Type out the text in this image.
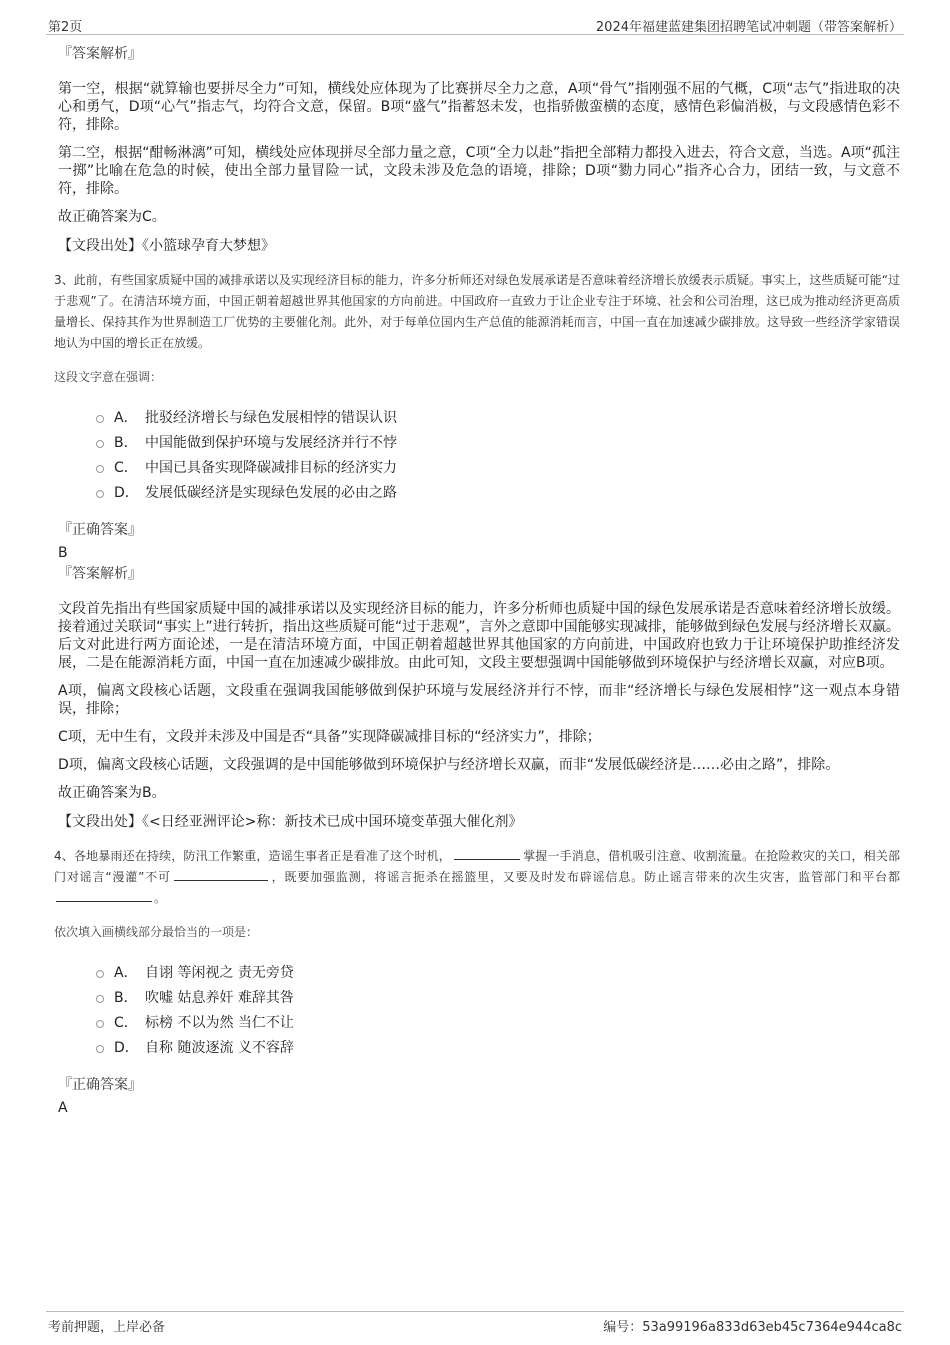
第2页	2024年福建蓝建集团招聘笔试冲刺题（带答案解析）
『答案解析』

第一空，根据“就算输也要拼尽全力”可知，横线处应体现为了比赛拼尽全力之意，A项“骨气”指刚强不屈的气概，C项“志气”指进取的决心和勇气，D项“心气”指志气，均符合文意，保留。B项“盛气”指蓄怒未发，也指骄傲蛮横的态度，感情色彩偏消极，与文段感情色彩不符，排除。

第二空，根据“酣畅淋漓”可知，横线处应体现拼尽全部力量之意，C项“全力以赴”指把全部精力都投入进去，符合文意，当选。A项“孤注一掷”比喻在危急的时候，使出全部力量冒险一试，文段未涉及危急的语境，排除；D项“勠力同心”指齐心合力，团结一致，与文意不符，排除。

故正确答案为C。

【文段出处】《小篮球孕育大梦想》
3、此前，有些国家质疑中国的减排承诺以及实现经济目标的能力，许多分析师还对绿色发展承诺是否意味着经济增长放缓表示质疑。事实上，这些质疑可能“过于悲观”了。在清洁环境方面，中国正朝着超越世界其他国家的方向前进。中国政府一直致力于让企业专注于环境、社会和公司治理，这已成为推动经济更高质量增长、保持其作为世界制造工厂优势的主要催化剂。此外，对于每单位国内生产总值的能源消耗而言，中国一直在加速减少碳排放。这导致一些经济学家错误地认为中国的增长正在放缓。
这段文字意在强调：
A． 批驳经济增长与绿色发展相悖的错误认识
B． 中国能做到保护环境与发展经济并行不悖
C． 中国已具备实现降碳减排目标的经济实力
D． 发展低碳经济是实现绿色发展的必由之路
『正确答案』
B
『答案解析』

文段首先指出有些国家质疑中国的减排承诺以及实现经济目标的能力，许多分析师也质疑中国的绿色发展承诺是否意味着经济增长放缓。接着通过关联词“事实上”进行转折，指出这些质疑可能“过于悲观”，言外之意即中国能够实现减排，能够做到绿色发展与经济增长双赢。后文对此进行两方面论述，一是在清洁环境方面，中国正朝着超越世界其他国家的方向前进，中国政府也致力于让环境保护助推经济发展，二是在能源消耗方面，中国一直在加速减少碳排放。由此可知，文段主要想强调中国能够做到环境保护与经济增长双赢，对应B项。

A项，偏离文段核心话题，文段重在强调我国能够做到保护环境与发展经济并行不悖，而非“经济增长与绿色发展相悖”这一观点本身错误，排除；

C项，无中生有，文段并未涉及中国是否“具备”实现降碳减排目标的“经济实力”，排除；

D项，偏离文段核心话题，文段强调的是中国能够做到环境保护与经济增长双赢，而非“发展低碳经济是……必由之路”，排除。

故正确答案为B。

【文段出处】《<日经亚洲评论>称：新技术已成中国环境变革强大催化剂》
4、各地暴雨还在持续，防汛工作繁重，造谣生事者正是看准了这个时机，	掌握一手消息，借机吸引注意、收割流量。在抢险救灾的关口，相关部门对谣言“漫灌”不可	，既要加强监测，将谣言扼杀在摇篮里，又要及时发布辟谣信息。防止谣言带来的次生灾害，监管部门和平台都。
依次填入画横线部分最恰当的一项是：
A． 自诩 等闲视之 责无旁贷
B． 吹嘘 姑息养奸 难辞其咎
C． 标榜 不以为然 当仁不让
D． 自称 随波逐流 义不容辞
『正确答案』
A
考前押题，上岸必备	编号：53a99196a833d63eb45c7364e944ca8c
